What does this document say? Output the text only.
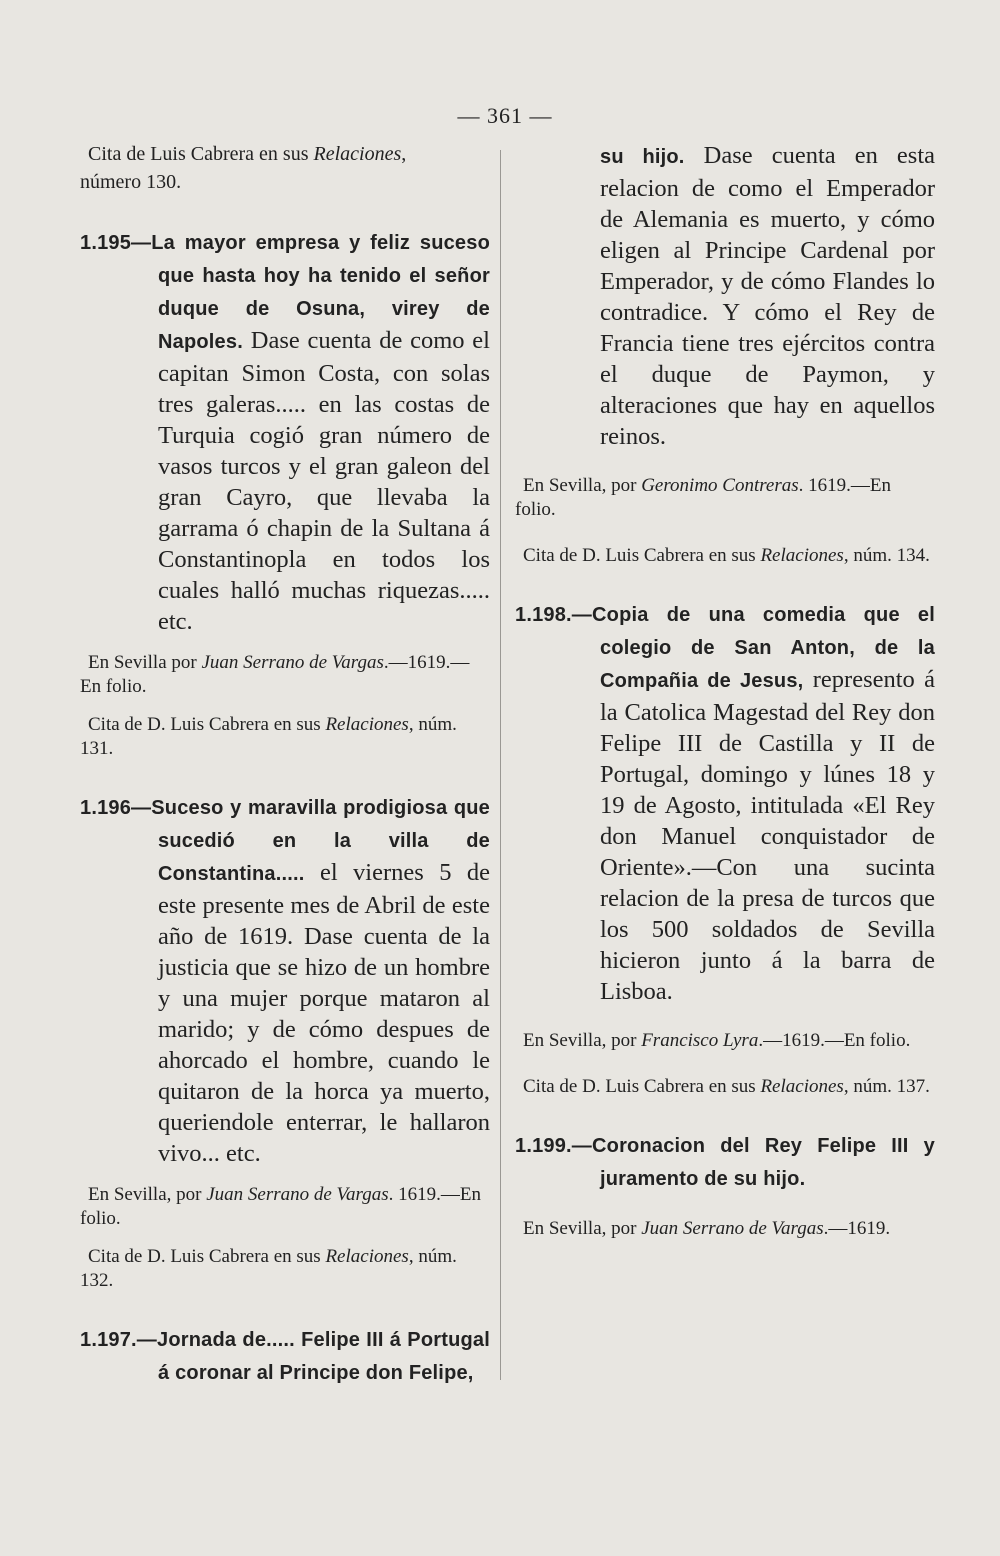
— 361 —

Cita de Luis Cabrera en sus Relaciones,
número 130.

1.195—La mayor empresa y feliz suceso que hasta hoy ha tenido el señor duque de Osuna, virey de Napoles. Dase cuenta de como el capitan Simon Costa, con solas tres galeras..... en las costas de Turquia cogió gran número de vasos turcos y el gran galeon del gran Cayro, que llevaba la garrama ó chapin de la Sultana á Constantinopla en todos los cuales halló muchas riquezas..... etc.

En Sevilla por Juan Serrano de Vargas.—1619.—En folio.

Cita de D. Luis Cabrera en sus Relaciones, núm. 131.

1.196—Suceso y maravilla prodigiosa que sucedió en la villa de Constantina..... el viernes 5 de este presente mes de Abril de este año de 1619. Dase cuenta de la justicia que se hizo de un hombre y una mujer porque mataron al marido; y de cómo despues de ahorcado el hombre, cuando le quitaron de la horca ya muerto, queriendole enterrar, le hallaron vivo... etc.

En Sevilla, por Juan Serrano de Vargas. 1619.—En folio.

Cita de D. Luis Cabrera en sus Relaciones, núm. 132.

1.197.—Jornada de..... Felipe III á Portugal á coronar al Principe don Felipe,

su hijo. Dase cuenta en esta relacion de como el Emperador de Alemania es muerto, y cómo eligen al Principe Cardenal por Emperador, y de cómo Flandes lo contradice. Y cómo el Rey de Francia tiene tres ejércitos contra el duque de Paymon, y alteraciones que hay en aquellos reinos.

En Sevilla, por Geronimo Contreras. 1619.—En folio.

Cita de D. Luis Cabrera en sus Relaciones, núm. 134.

1.198.—Copia de una comedia que el colegio de San Anton, de la Compañia de Jesus, represento á la Catolica Magestad del Rey don Felipe III de Castilla y II de Portugal, domingo y lúnes 18 y 19 de Agosto, intitulada «El Rey don Manuel conquistador de Oriente».—Con una sucinta relacion de la presa de turcos que los 500 soldados de Sevilla hicieron junto á la barra de Lisboa.

En Sevilla, por Francisco Lyra.—1619.—En folio.

Cita de D. Luis Cabrera en sus Relaciones, núm. 137.

1.199.—Coronacion del Rey Felipe III y juramento de su hijo.

En Sevilla, por Juan Serrano de Vargas.—1619.
